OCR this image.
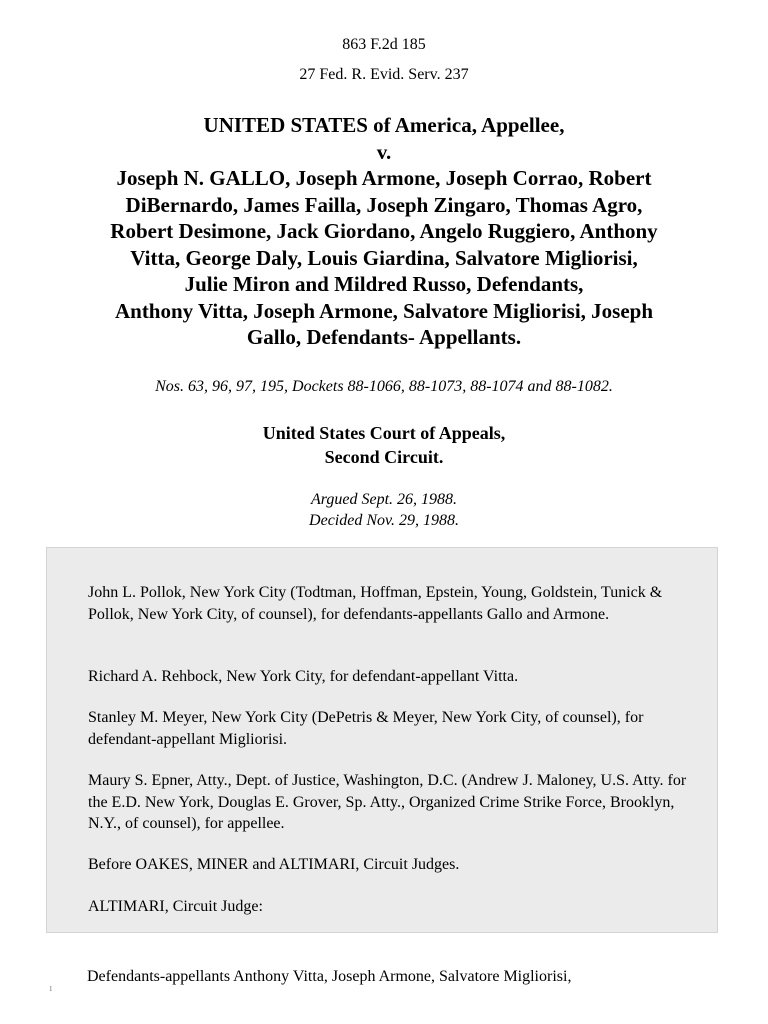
863 F.2d 185
27 Fed. R. Evid. Serv. 237
UNITED STATES of America, Appellee,
v.
Joseph N. GALLO, Joseph Armone, Joseph Corrao, Robert
DiBernardo, James Failla, Joseph Zingaro, Thomas Agro,
Robert Desimone, Jack Giordano, Angelo Ruggiero, Anthony
Vitta, George Daly, Louis Giardina, Salvatore Migliorisi,
Julie Miron and Mildred Russo, Defendants,
Anthony Vitta, Joseph Armone, Salvatore Migliorisi, Joseph
Gallo, Defendants- Appellants.
Nos. 63, 96, 97, 195, Dockets 88-1066, 88-1073, 88-1074 and 88-1082.
United States Court of Appeals,
Second Circuit.
Argued Sept. 26, 1988.
Decided Nov. 29, 1988.

John L. Pollok, New York City (Todtman, Hoffman, Epstein, Young, Goldstein, Tunick & Pollok, New York City, of counsel), for defendants-appellants Gallo and Armone.

Richard A. Rehbock, New York City, for defendant-appellant Vitta.

Stanley M. Meyer, New York City (DePetris & Meyer, New York City, of counsel), for defendant-appellant Migliorisi.

Maury S. Epner, Atty., Dept. of Justice, Washington, D.C. (Andrew J. Maloney, U.S. Atty. for the E.D. New York, Douglas E. Grover, Sp. Atty., Organized Crime Strike Force, Brooklyn, N.Y., of counsel), for appellee.

Before OAKES, MINER and ALTIMARI, Circuit Judges.

ALTIMARI, Circuit Judge:

Defendants-appellants Anthony Vitta, Joseph Armone, Salvatore Migliorisi,
1
